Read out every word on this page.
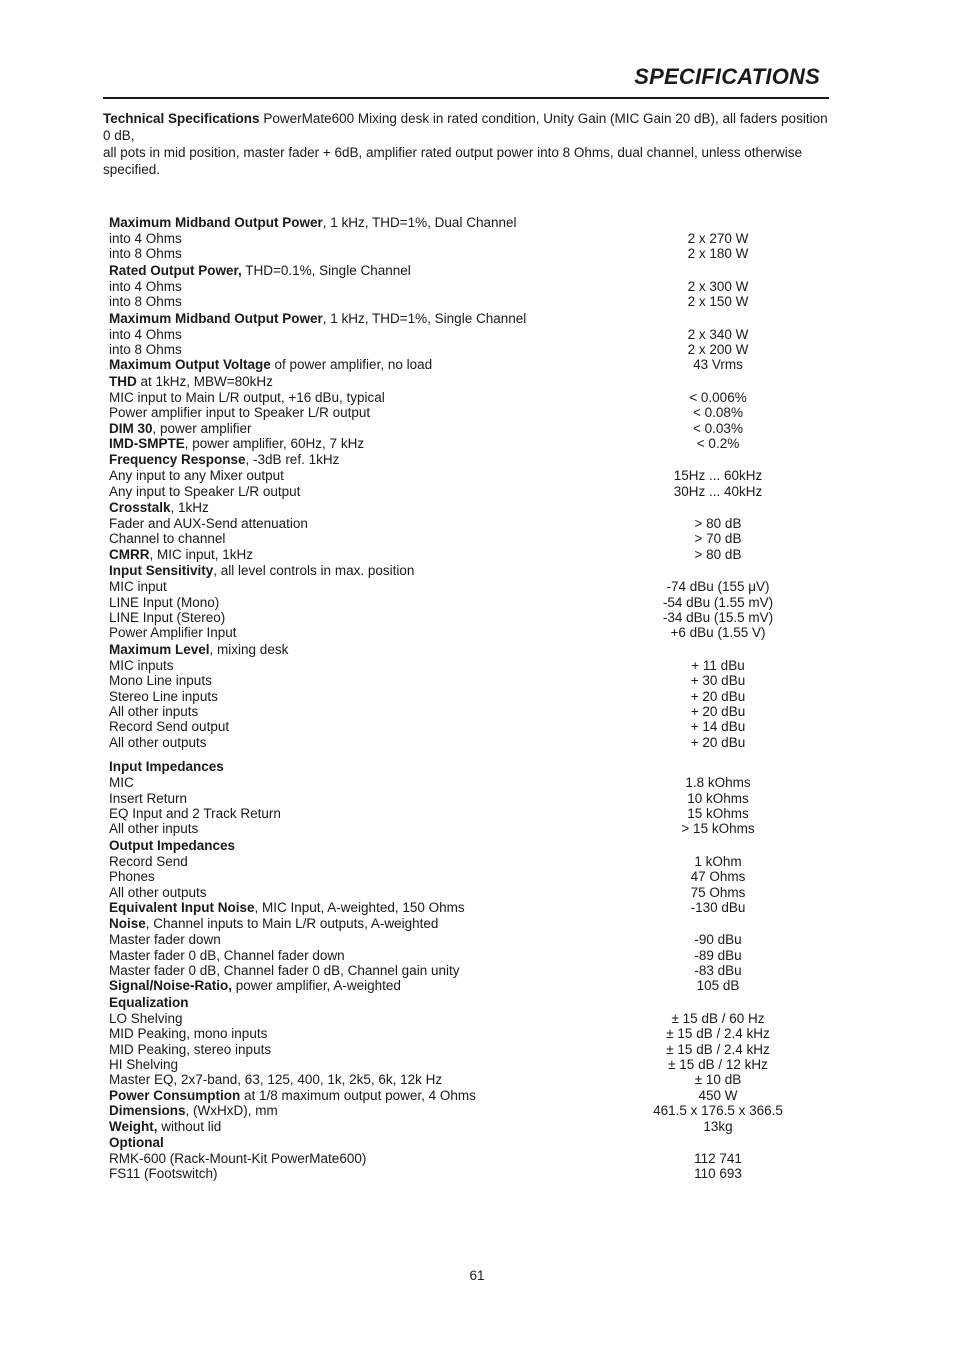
SPECIFICATIONS

Technical Specifications PowerMate600 Mixing desk in rated condition, Unity Gain (MIC Gain 20 dB), all faders position 0 dB,

all pots in mid position, master fader + 6dB, amplifier rated output power into 8 Ohms, dual channel, unless otherwise specified.

Maximum Midband Output Power, 1 kHz, THD=1%, Dual Channel
into 4 Ohms	2 x 270 W
into 8 Ohms	2 x 180 W
Rated Output Power, THD=0.1%, Single Channel
into 4 Ohms	2 x 300 W
into 8 Ohms	2 x 150 W
Maximum Midband Output Power, 1 kHz, THD=1%, Single Channel
into 4 Ohms	2 x 340 W
into 8 Ohms	2 x 200 W
Maximum Output Voltage of power amplifier, no load	43 Vrms
THD at 1kHz, MBW=80kHz
MIC input to Main L/R output, +16 dBu, typical	< 0.006%
Power amplifier input to Speaker L/R output	< 0.08%
DIM 30, power amplifier	< 0.03%
IMD-SMPTE, power amplifier, 60Hz, 7 kHz	< 0.2%
Frequency Response, -3dB ref. 1kHz
Any input to any Mixer output	15Hz ... 60kHz
Any input to Speaker L/R output	30Hz ... 40kHz
Crosstalk, 1kHz
Fader and AUX-Send attenuation	> 80 dB
Channel to channel	> 70 dB
CMRR, MIC input, 1kHz	> 80 dB
Input Sensitivity, all level controls in max. position
MIC input	-74 dBu (155 μV)
LINE Input (Mono)	-54 dBu (1.55 mV)
LINE Input (Stereo)	-34 dBu (15.5 mV)
Power Amplifier Input	+6 dBu (1.55 V)
Maximum Level, mixing desk
MIC inputs	+ 11 dBu
Mono Line inputs	+ 30 dBu
Stereo Line inputs	+ 20 dBu
All other inputs	+ 20 dBu
Record Send output	+ 14 dBu
All other outputs	+ 20 dBu
Input Impedances
MIC	1.8 kOhms
Insert Return	10 kOhms
EQ Input and 2 Track Return	15 kOhms
All other inputs	> 15 kOhms
Output Impedances
Record Send	1 kOhm
Phones	47 Ohms
All other outputs	75 Ohms
Equivalent Input Noise, MIC Input, A-weighted, 150 Ohms	-130 dBu
Noise, Channel inputs to Main L/R outputs, A-weighted
Master fader down	-90 dBu
Master fader 0 dB, Channel fader down	-89 dBu
Master fader 0 dB, Channel fader 0 dB, Channel gain unity	-83 dBu
Signal/Noise-Ratio, power amplifier, A-weighted	105 dB
Equalization
LO Shelving	± 15 dB / 60 Hz
MID Peaking, mono inputs	± 15 dB / 2.4 kHz
MID Peaking, stereo inputs	± 15 dB / 2.4 kHz
HI Shelving	± 15 dB / 12 kHz
Master EQ, 2x7-band, 63, 125, 400, 1k, 2k5, 6k, 12k Hz	± 10 dB
Power Consumption at 1/8 maximum output power, 4 Ohms	450 W
Dimensions, (WxHxD), mm	461.5 x 176.5 x 366.5
Weight, without lid	13kg
Optional
RMK-600 (Rack-Mount-Kit PowerMate600)	112 741
FS11 (Footswitch)	110 693
61
